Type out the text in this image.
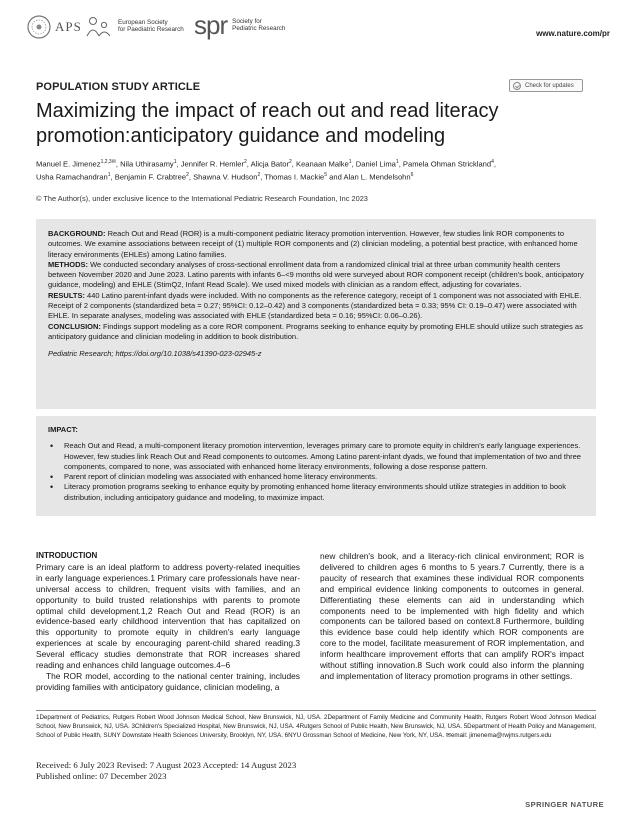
APS	European Society
for Paediatric Research spr Society for
Pediatric Research
www.nature.com/pr
POPULATION STUDY ARTICLE	Check for updates
Maximizing the impact of reach out and read literacy promotion:anticipatory guidance and modeling
Manuel E. Jimenez$^{1,2,3✉}$, Nila Uthirasamy$^1$, Jennifer R. Hemler$^2$, Alicja Bator$^2$, Keanaan Malke$^1$, Daniel Lima$^1$, Pamela Ohman Strickland$^4$,
Usha Ramachandran$^1$, Benjamin F. Crabtree$^2$, Shawna V. Hudson$^2$, Thomas I. Mackie$^5$ and Alan L. Mendelsohn$^6$
© The Author(s), under exclusive licence to the International Pediatric Research Foundation, Inc 2023

BACKGROUND: Reach Out and Read (ROR) is a multi-component pediatric literacy promotion intervention. However, few studies link ROR components to outcomes. We examine associations between receipt of (1) multiple ROR components and (2) clinician modeling, a potential best practice, with enhanced home literacy environments (EHLEs) among Latino families.

METHODS: We conducted secondary analyses of cross-sectional enrollment data from a randomized clinical trial at three urban community health centers between November 2020 and June 2023. Latino parents with infants 6–<9 months old were surveyed about ROR component receipt (children's book, anticipatory guidance, modeling) and EHLE (StimQ2, Infant Read Scale). We used mixed models with clinician as a random effect, adjusting for covariates.

RESULTS: 440 Latino parent-infant dyads were included. With no components as the reference category, receipt of 1 component was not associated with EHLE. Receipt of 2 components (standardized beta = 0.27; 95%CI: 0.12–0.42) and 3 components (standardized beta = 0.33; 95% CI: 0.19–0.47) were associated with EHLE. In separate analyses, modeling was associated with EHLE (standardized beta = 0.16; 95%CI: 0.06–0.26).

CONCLUSION: Findings support modeling as a core ROR component. Programs seeking to enhance equity by promoting EHLE should utilize such strategies as anticipatory guidance and clinician modeling in addition to book distribution.

Pediatric Research; https://doi.org/10.1038/s41390-023-02945-z

IMPACT:
• Reach Out and Read, a multi-component literacy promotion intervention, leverages primary care to promote equity in children's early language experiences. However, few studies link Reach Out and Read components to outcomes. Among Latino parent-infant dyads, we found that implementation of two and three components, compared to none, was associated with enhanced home literacy environments, following a dose response pattern.
• Parent report of clinician modeling was associated with enhanced home literacy environments.
• Literacy promotion programs seeking to enhance equity by promoting enhanced home literacy environments should utilize strategies in addition to book distribution, including anticipatory guidance and modeling, to maximize impact.
INTRODUCTION

Primary care is an ideal platform to address poverty-related inequities in early language experiences.1 Primary care professionals have near-universal access to children, frequent visits with families, and an opportunity to build trusted relationships with parents to promote optimal child development.1,2 Reach Out and Read (ROR) is an evidence-based early childhood intervention that has capitalized on this opportunity to promote equity in children's early language experiences at scale by encouraging parent-child shared reading.3 Several efficacy studies demonstrate that ROR increases shared reading and enhances child language outcomes.4–6

The ROR model, according to the national center training, includes providing families with anticipatory guidance, clinician modeling, a

new children's book, and a literacy-rich clinical environment; ROR is delivered to children ages 6 months to 5 years.7 Currently, there is a paucity of research that examines these individual ROR components and empirical evidence linking components to outcomes in general. Differentiating these elements can aid in understanding which components need to be implemented with high fidelity and which components can be tailored based on context.8 Furthermore, building this evidence base could help identify which ROR components are core to the model, facilitate measurement of ROR implementation, and inform healthcare improvement efforts that can amplify ROR's impact without stifling innovation.8 Such work could also inform the planning and implementation of literacy promotion programs in other settings.

1Department of Pediatrics, Rutgers Robert Wood Johnson Medical School, New Brunswick, NJ, USA. 2Department of Family Medicine and Community Health, Rutgers Robert Wood Johnson Medical School, New Brunswick, NJ, USA. 3Children's Specialized Hospital, New Brunswick, NJ, USA. 4Rutgers School of Public Health, New Brunswick, NJ, USA. 5Department of Health Policy and Management, School of Public Health, SUNY Downstate Health Sciences University, Brooklyn, NY, USA. 6NYU Grossman School of Medicine, New York, NY, USA. ✉email: jimenema@rwjms.rutgers.edu
Received: 6 July 2023 Revised: 7 August 2023 Accepted: 14 August 2023
Published online: 07 December 2023
SPRINGER NATURE
